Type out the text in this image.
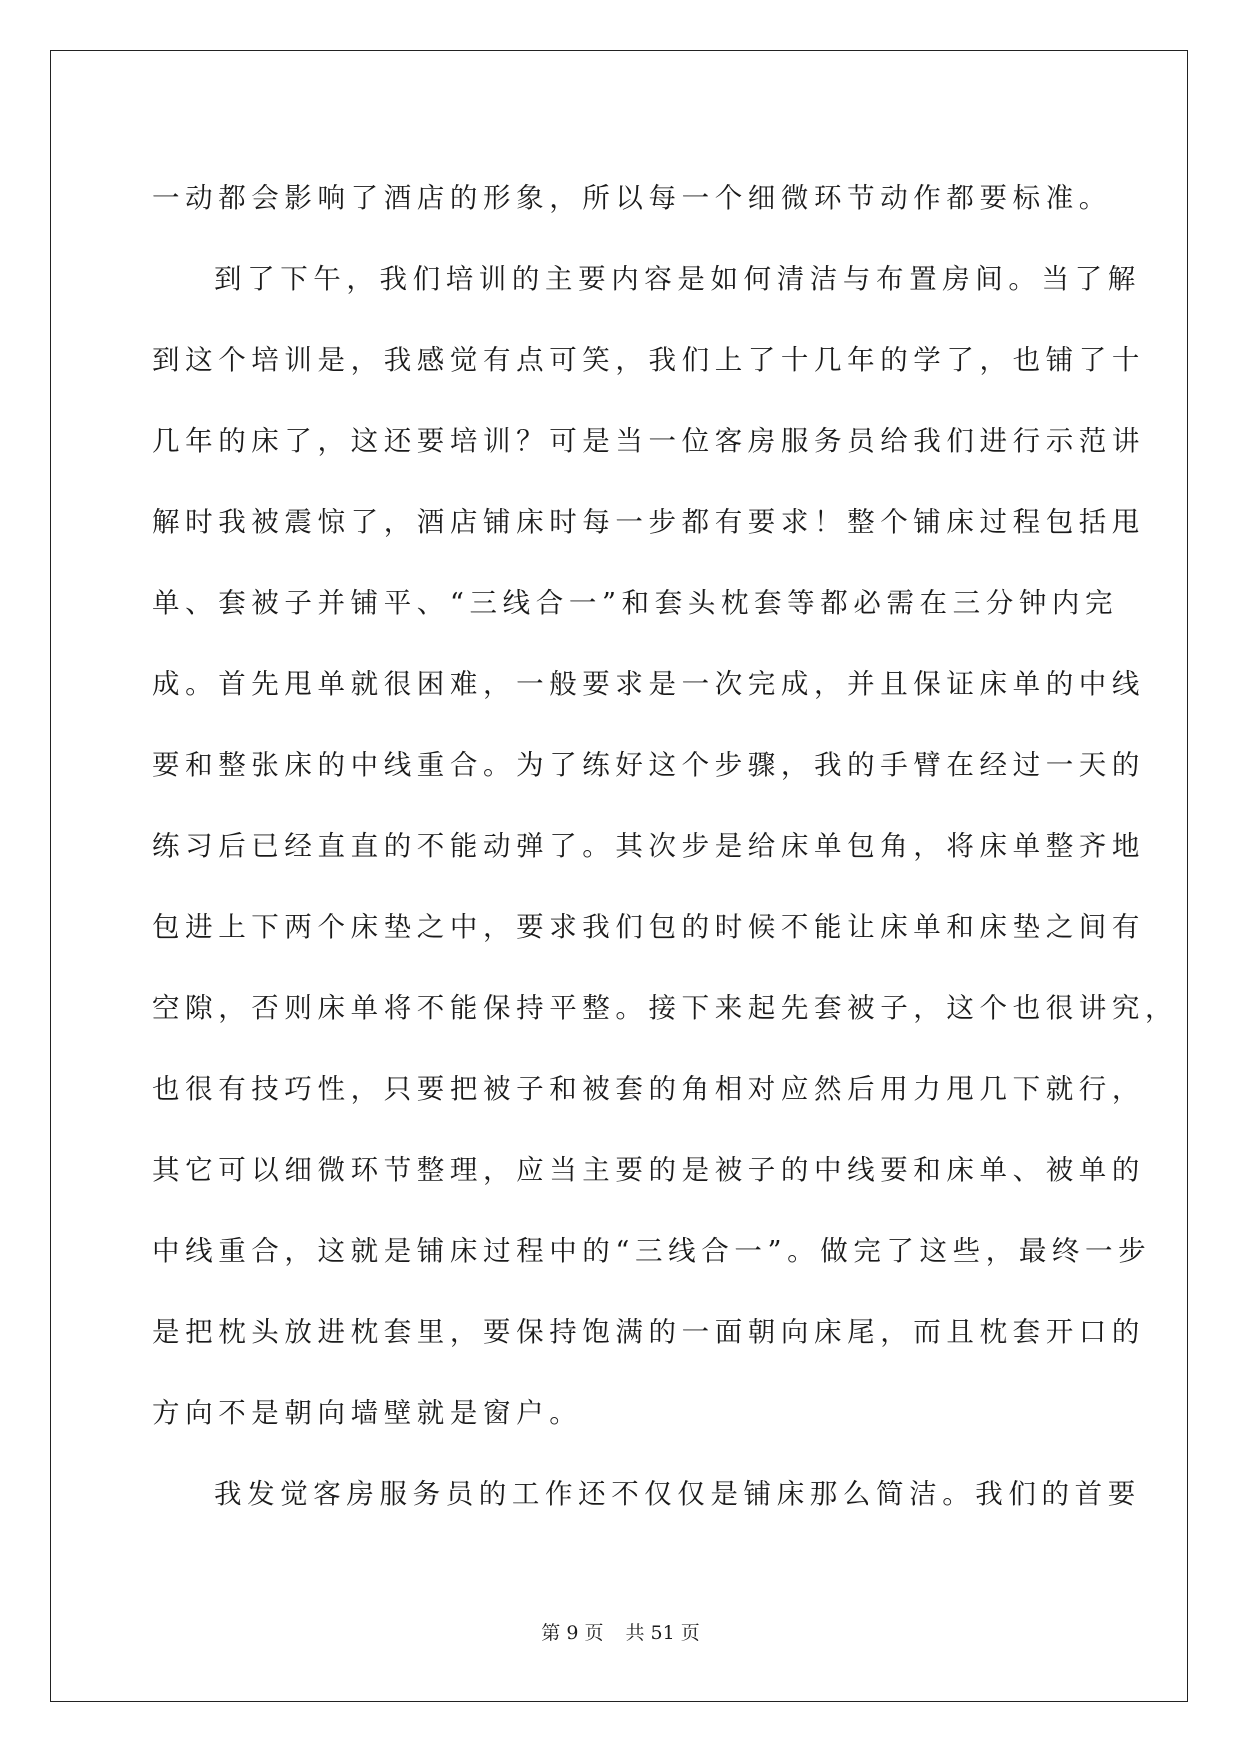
一动都会影响了酒店的形象，所以每一个细微环节动作都要标准。
到了下午，我们培训的主要内容是如何清洁与布置房间。当了解
到这个培训是，我感觉有点可笑，我们上了十几年的学了，也铺了十
几年的床了，这还要培训？可是当一位客房服务员给我们进行示范讲
解时我被震惊了，酒店铺床时每一步都有要求！整个铺床过程包括甩
单、套被子并铺平、“三线合一”和套头枕套等都必需在三分钟内完
成。首先甩单就很困难，一般要求是一次完成，并且保证床单的中线
要和整张床的中线重合。为了练好这个步骤，我的手臂在经过一天的
练习后已经直直的不能动弹了。其次步是给床单包角，将床单整齐地
包进上下两个床垫之中，要求我们包的时候不能让床单和床垫之间有
空隙，否则床单将不能保持平整。接下来起先套被子，这个也很讲究，
也很有技巧性，只要把被子和被套的角相对应然后用力甩几下就行，
其它可以细微环节整理，应当主要的是被子的中线要和床单、被单的
中线重合，这就是铺床过程中的“三线合一”。做完了这些，最终一步
是把枕头放进枕套里，要保持饱满的一面朝向床尾，而且枕套开口的
方向不是朝向墙壁就是窗户。
我发觉客房服务员的工作还不仅仅是铺床那么简洁。我们的首要
第 9 页 共 51 页
